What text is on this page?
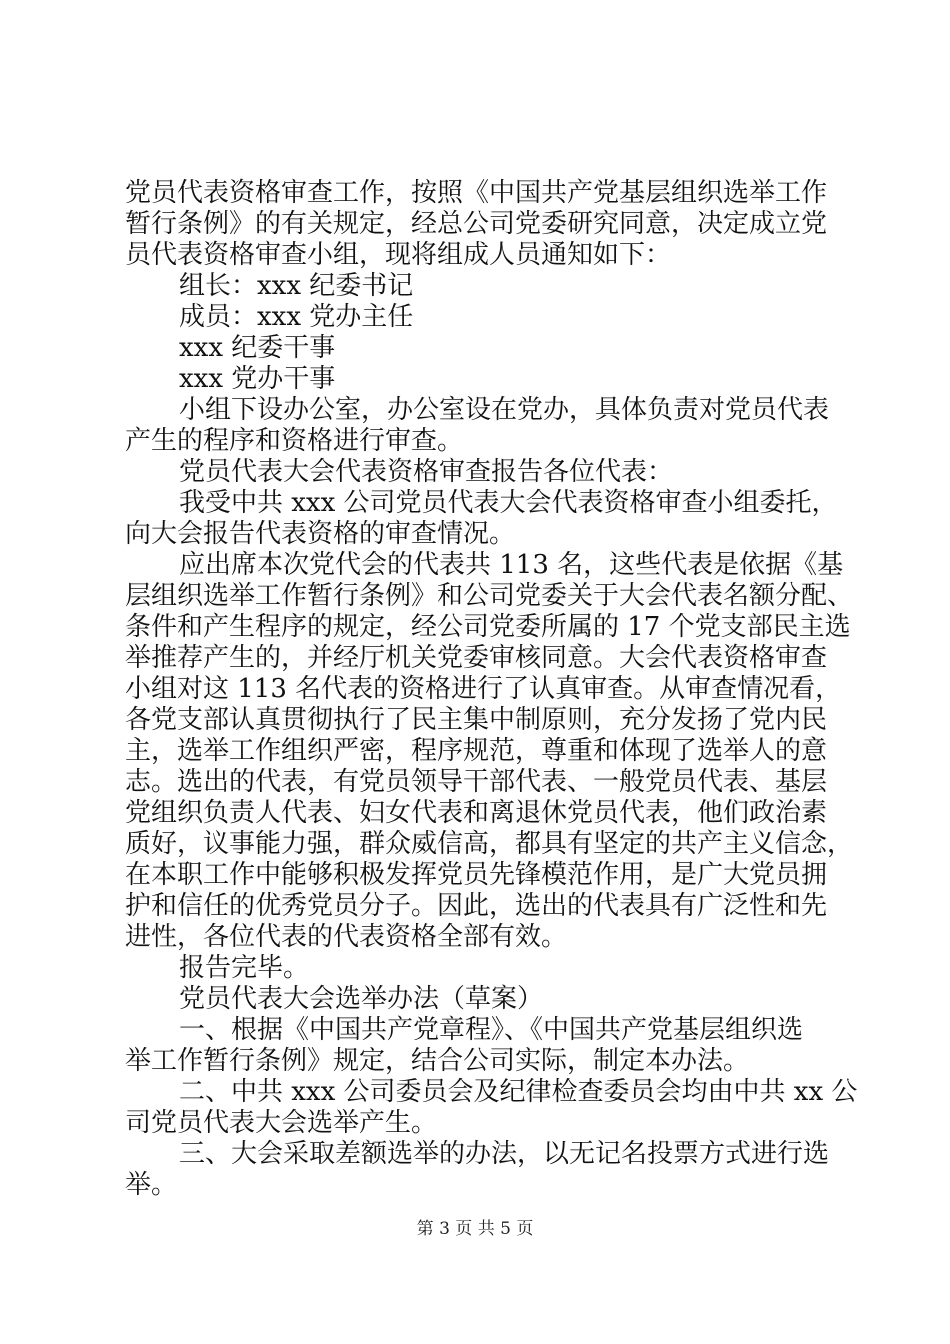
党员代表资格审查工作，按照《中国共产党基层组织选举工作
暂行条例》的有关规定，经总公司党委研究同意，决定成立党
员代表资格审查小组，现将组成人员通知如下：
组长：xxx 纪委书记
成员：xxx 党办主任
xxx 纪委干事
xxx 党办干事
小组下设办公室，办公室设在党办，具体负责对党员代表
产生的程序和资格进行审查。
党员代表大会代表资格审查报告各位代表：
我受中共 xxx 公司党员代表大会代表资格审查小组委托，
向大会报告代表资格的审查情况。
应出席本次党代会的代表共 113 名，这些代表是依据《基
层组织选举工作暂行条例》和公司党委关于大会代表名额分配、
条件和产生程序的规定，经公司党委所属的 17 个党支部民主选
举推荐产生的，并经厅机关党委审核同意。大会代表资格审查
小组对这 113 名代表的资格进行了认真审查。从审查情况看，
各党支部认真贯彻执行了民主集中制原则，充分发扬了党内民
主，选举工作组织严密，程序规范，尊重和体现了选举人的意
志。选出的代表，有党员领导干部代表、一般党员代表、基层
党组织负责人代表、妇女代表和离退休党员代表，他们政治素
质好，议事能力强，群众威信高，都具有坚定的共产主义信念，
在本职工作中能够积极发挥党员先锋模范作用，是广大党员拥
护和信任的优秀党员分子。因此，选出的代表具有广泛性和先
进性，各位代表的代表资格全部有效。
报告完毕。
党员代表大会选举办法（草案）
一、根据《中国共产党章程》、《中国共产党基层组织选
举工作暂行条例》规定，结合公司实际，制定本办法。
二、中共 xxx 公司委员会及纪律检查委员会均由中共 xx 公
司党员代表大会选举产生。
三、大会采取差额选举的办法，以无记名投票方式进行选
举。
第 3 页 共 5 页
